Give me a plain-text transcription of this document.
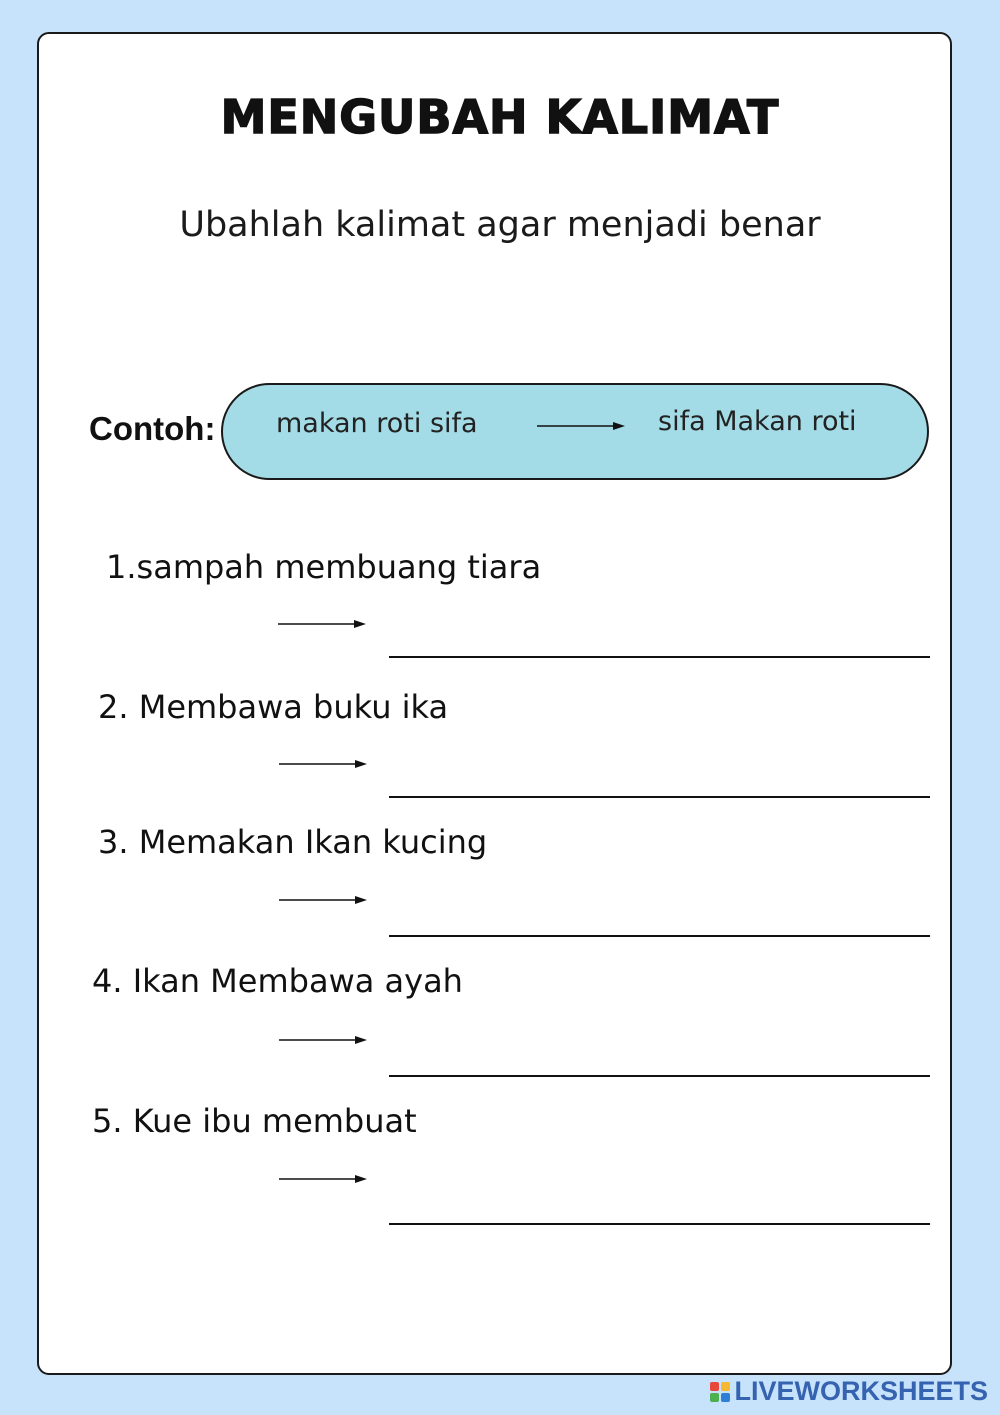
MENGUBAH KALIMAT
Ubahlah kalimat agar menjadi benar
Contoh: makan roti sifa	sifa Makan roti
1.sampah membuang tiara
2. Membawa buku ika
3. Memakan Ikan kucing
4. Ikan Membawa ayah
5. Kue ibu membuat
LIVEWORKSHEETS
